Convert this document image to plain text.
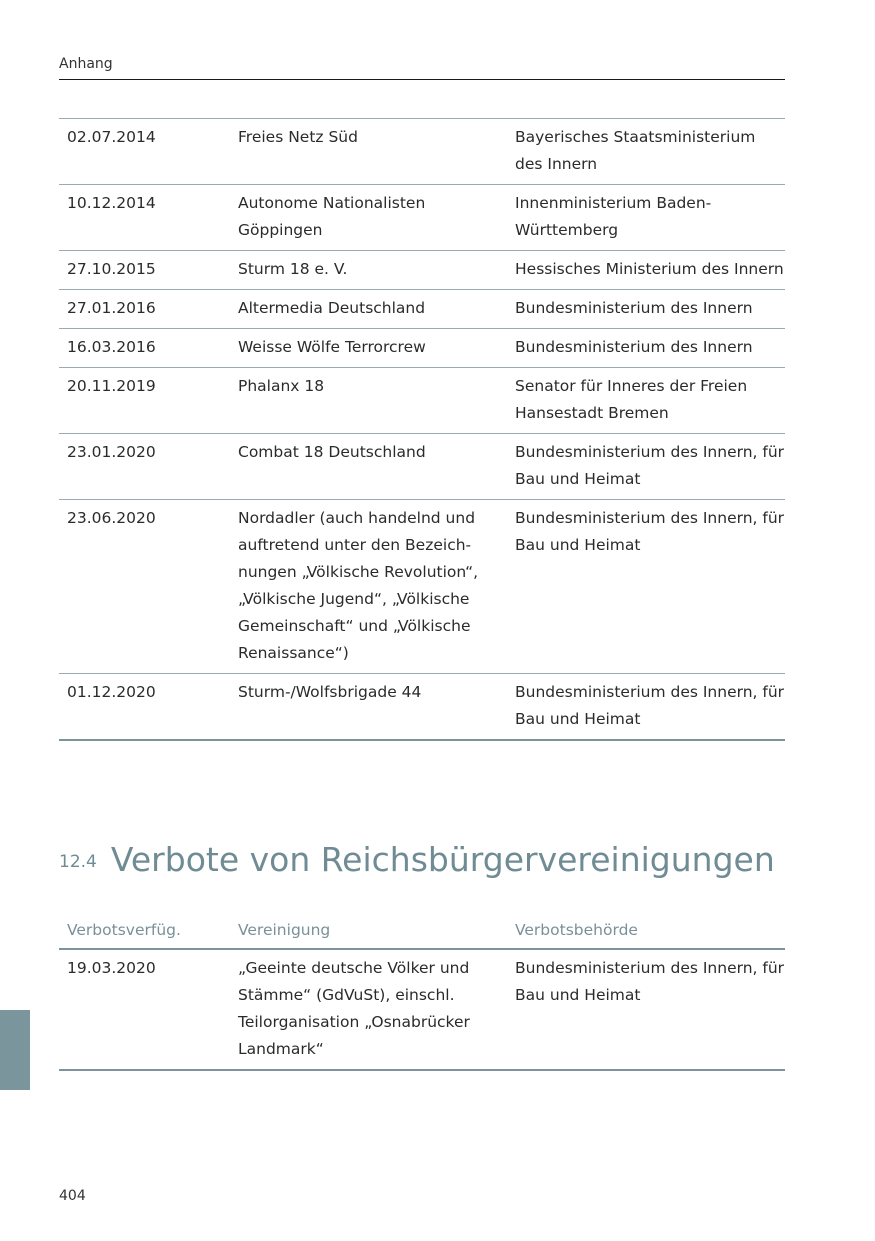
Anhang
02.07.2014	Freies Netz Süd	Bayerisches Staatsministerium des Innern
10.12.2014	Autonome Nationalisten Göppingen	Innenministerium Baden-Württemberg
27.10.2015	Sturm 18 e. V.	Hessisches Ministerium des Innern
27.01.2016	Altermedia Deutschland	Bundesministerium des Innern
16.03.2016	Weisse Wölfe Terrorcrew	Bundesministerium des Innern
20.11.2019	Phalanx 18	Senator für Inneres der Freien Hansestadt Bremen
23.01.2020	Combat 18 Deutschland	Bundesministerium des Innern, für Bau und Heimat
23.06.2020	Nordadler (auch handelnd und auftretend unter den Bezeich- nungen „Völkische Revolution“, „Völkische Jugend“, „Völkische Gemeinschaft“ und „Völkische Renaissance“)	Bundesministerium des Innern, für Bau und Heimat
01.12.2020	Sturm-/Wolfsbrigade 44	Bundesministerium des Innern, für Bau und Heimat
12.4 Verbote von Reichsbürgervereinigungen
Verbotsverfüg.	Vereinigung	Verbotsbehörde
19.03.2020	„Geeinte deutsche Völker und Stämme“ (GdVuSt), einschl. Teilorganisation „Osnabrücker Landmark“	Bundesministerium des Innern, für Bau und Heimat
404
